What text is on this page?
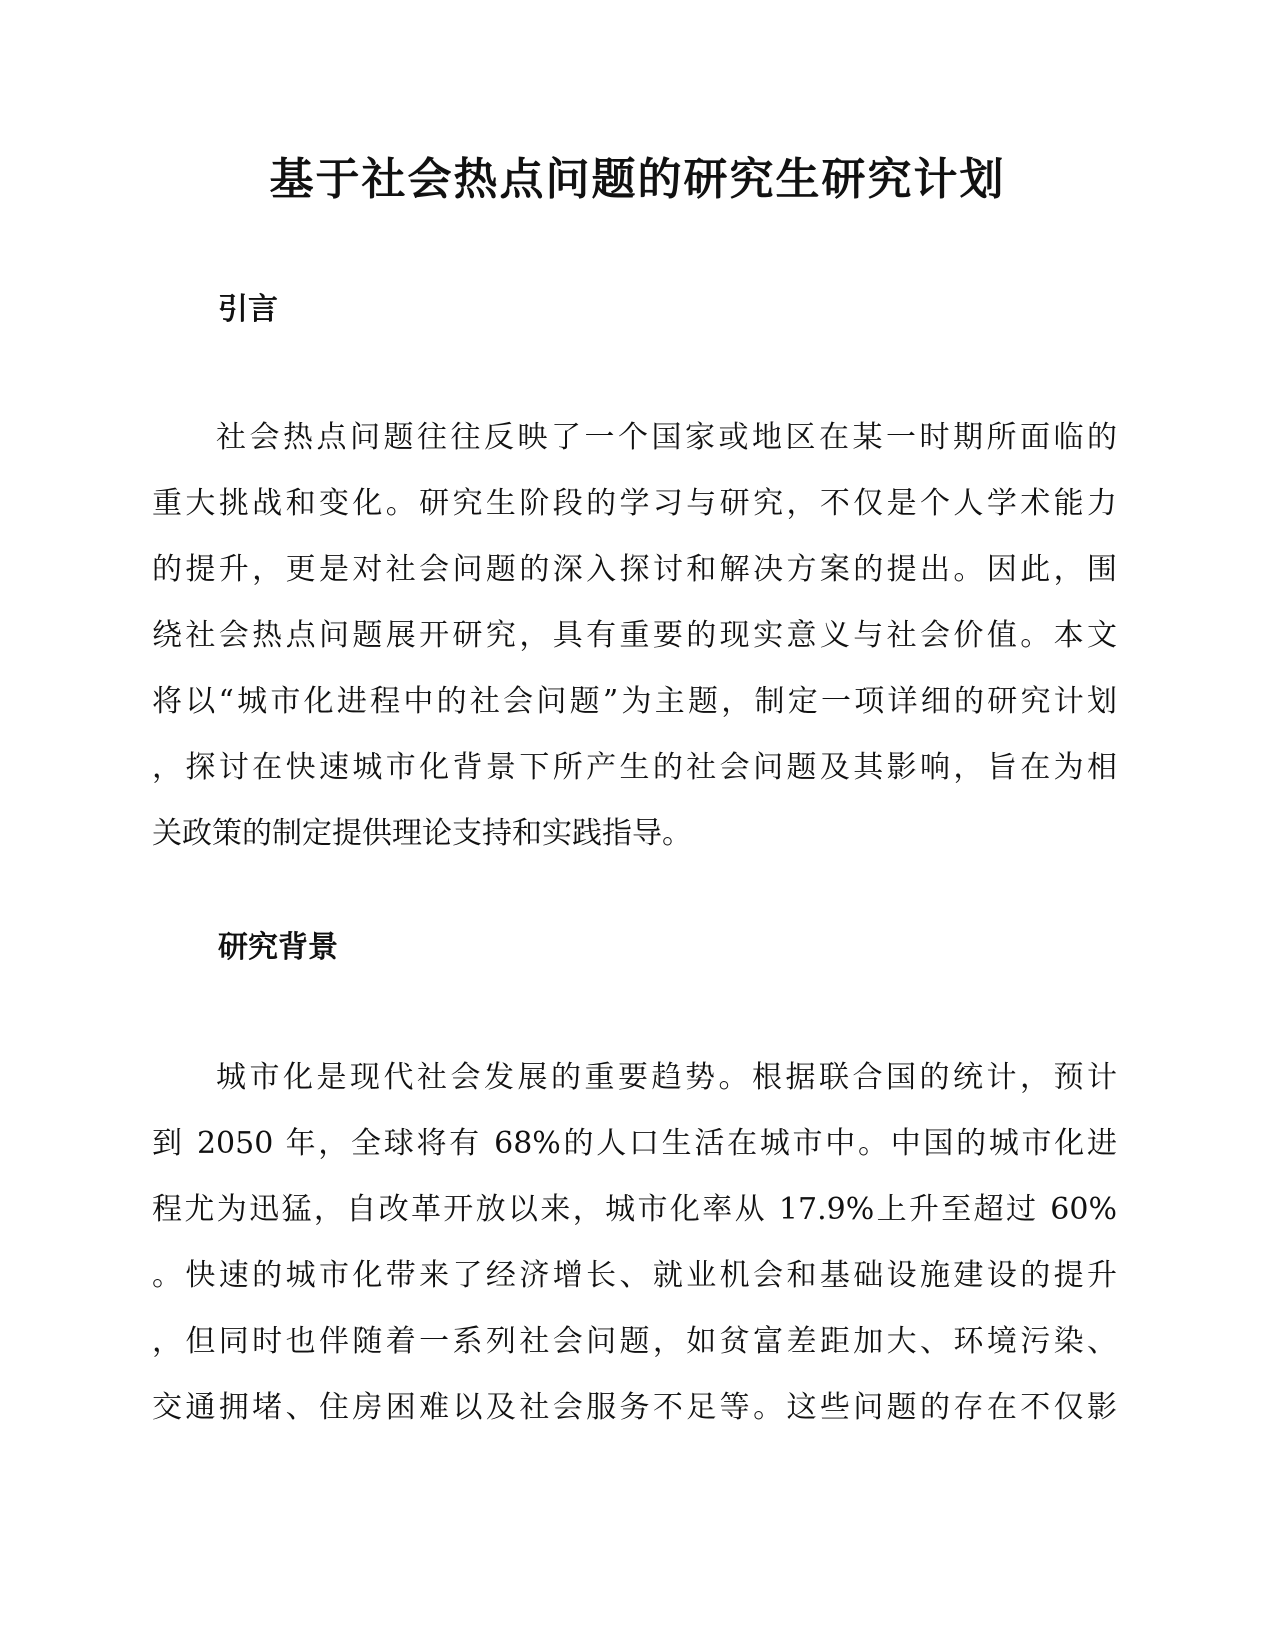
基于社会热点问题的研究生研究计划
引言
社会热点问题往往反映了一个国家或地区在某一时期所面临的
重大挑战和变化。研究生阶段的学习与研究，不仅是个人学术能力
的提升，更是对社会问题的深入探讨和解决方案的提出。因此，围
绕社会热点问题展开研究，具有重要的现实意义与社会价值。本文
将以“城市化进程中的社会问题”为主题，制定一项详细的研究计划
，探讨在快速城市化背景下所产生的社会问题及其影响，旨在为相
关政策的制定提供理论支持和实践指导。
研究背景
城市化是现代社会发展的重要趋势。根据联合国的统计，预计
到 2050 年，全球将有 68%的人口生活在城市中。中国的城市化进
程尤为迅猛，自改革开放以来，城市化率从 17.9%上升至超过 60%
。快速的城市化带来了经济增长、就业机会和基础设施建设的提升
，但同时也伴随着一系列社会问题，如贫富差距加大、环境污染、
交通拥堵、住房困难以及社会服务不足等。这些问题的存在不仅影
